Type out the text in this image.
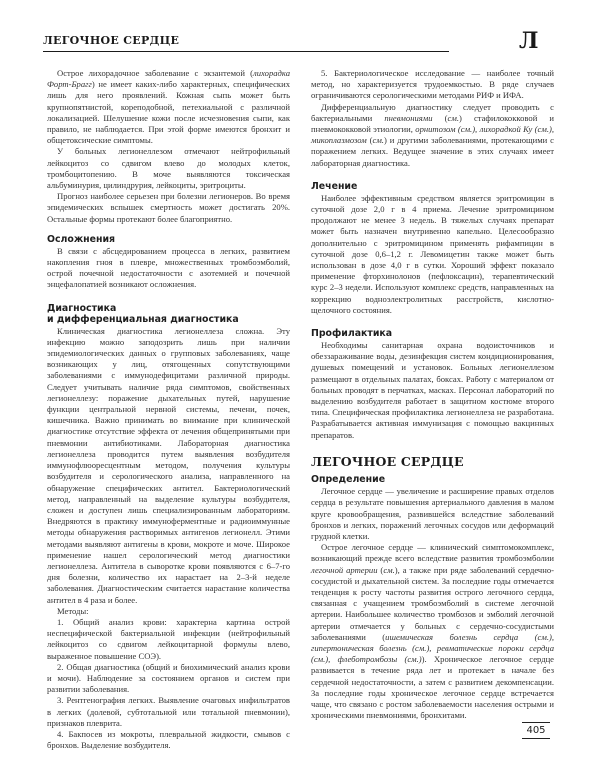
ЛЕГОЧНОЕ СЕРДЦЕ	Л

Острое лихорадочное заболевание с экзантемой (лихорадка Форт-Брагг) не имеет каких-либо характерных, специфических лишь для него проявлений. Кожная сыпь может быть крупнопятнистой, кореподобной, петехиальной с различной локализацией. Шелушение кожи после исчезновения сыпи, как правило, не наблюдается. При этой форме имеются бронхит и общетоксические симптомы.

У больных легионеллезом отмечают нейтрофильный лейкоцитоз со сдвигом влево до молодых клеток, тромбоцитопению. В моче выявляются токсическая альбуминурия, цилиндрурия, лейкоциты, эритроциты.

Прогноз наиболее серьезен при болезни легионеров. Во время эпидемических вспышек смертность может достигать 20%. Остальные формы протекают более благоприятно.

Осложнения

В связи с абсцедированием процесса в легких, развитием накопления гноя в плевре, множественных тромбоэмболий, острой почечной недостаточности с азотемией и почечной энцефалопатией возникают осложнения.

Диагностика
и дифференциальная диагностика

Клиническая диагностика легионеллеза сложна. Эту инфекцию можно заподозрить лишь при наличии эпидемиологических данных о групповых заболеваниях, чаще возникающих у лиц, отягощенных сопутствующими заболеваниями с иммунодефицитами различной природы. Следует учитывать наличие ряда симптомов, свойственных легионеллезу: поражение дыхательных путей, нарушение функции центральной нервной системы, печени, почек, кишечника. Важно принимать во внимание при клинической диагностике отсутствие эффекта от лечения общепринятыми при пневмонии антибиотиками. Лабораторная диагностика легионеллеза проводится путем выявления возбудителя иммунофлюоресцентным методом, получения культуры возбудителя и серологического анализа, направленного на обнаружение специфических антител. Бактериологический метод, направленный на выделение культуры возбудителя, сложен и доступен лишь специализированным лабораториям. Внедряются в практику иммуноферментные и радиоиммунные методы обнаружения растворимых антигенов легионелл. Этими методами выявляют антигены в крови, мокроте и моче. Широкое применение нашел серологический метод диагностики легионеллеза. Антитела в сыворотке крови появляются с 6–7-го дня болезни, количество их нарастает на 2–3-й неделе заболевания. Диагностическим считается нарастание количества антител в 4 раза и более.

Методы:

1. Общий анализ крови: характерна картина острой неспецифической бактериальной инфекции (нейтрофильный лейкоцитоз со сдвигом лейкоцитарной формулы влево, выраженное повышение СОЭ).

2. Общая диагностика (общий и биохимический анализ крови и мочи). Наблюдение за состоянием органов и систем при развитии заболевания.

3. Рентгенография легких. Выявление очаговых инфильтратов в легких (долевой, субтотальной или тотальной пневмонии), признаков плеврита.

4. Бакпосев из мокроты, плевральной жидкости, смывов с бронхов. Выделение возбудителя.

5. Бактериологическое исследование — наиболее точный метод, но характеризуется трудоемкостью. В ряде случаев ограничиваются серологическими методами РИФ и ИФА.

Дифференциальную диагностику следует проводить с бактериальными пневмониями (см.) стафилококковой и пневмококковой этиологии, орнитозом (см.), лихорадкой Ку (см.), микоплазмозом (см.) и другими заболеваниями, протекающими с поражением легких. Ведущее значение в этих случаях имеет лабораторная диагностика.

Лечение

Наиболее эффективным средством является эритромицин в суточной дозе 2,0 г в 4 приема. Лечение эритромицином продолжают не менее 3 недель. В тяжелых случаях препарат может быть назначен внутривенно капельно. Целесообразно дополнительно с эритромицином применять рифампицин в суточной дозе 0,6–1,2 г. Левомицетин также может быть использован в дозе 4,0 г в сутки. Хороший эффект показало применение фторхинолонов (пефлоксацин), терапевтический курс 2–3 недели. Используют комплекс средств, направленных на коррекцию водноэлектролитных расстройств, кислотно-щелочного состояния.

Профилактика

Необходимы санитарная охрана водоисточников и обеззараживание воды, дезинфекция систем кондиционирования, душевых помещений и установок. Больных легионеллезом размещают в отдельных палатах, боксах. Работу с материалом от больных проводят в перчатках, масках. Персонал лабораторий по выделению возбудителя работает в защитном костюме второго типа. Специфическая профилактика легионеллеза не разработана. Разрабатывается активная иммунизация с помощью вакцинных препаратов.

ЛЕГОЧНОЕ СЕРДЦЕ
Определение

Легочное сердце — увеличение и расширение правых отделов сердца в результате повышения артериального давления в малом круге кровообращения, развившейся вследствие заболеваний бронхов и легких, поражений легочных сосудов или деформаций грудной клетки.

Острое легочное сердце — клинический симптомокомплекс, возникающий прежде всего вследствие развития тромбоэмболии легочной артерии (см.), а также при ряде заболеваний сердечно-сосудистой и дыхательной систем. За последние годы отмечается тенденция к росту частоты развития острого легочного сердца, связанная с учащением тромбоэмболий в системе легочной артерии. Наибольшее количество тромбозов и эмболий легочной артерии отмечается у больных с сердечно-сосудистыми заболеваниями (ишемическая болезнь сердца (см.), гипертоническая болезнь (см.), ревматические пороки сердца (см.), флеботромбозы (см.)). Хроническое легочное сердце развивается в течение ряда лет и протекает в начале без сердечной недостаточности, а затем с развитием декомпенсации. За последние годы хроническое легочное сердце встречается чаще, что связано с ростом заболеваемости населения острыми и хроническими пневмониями, бронхитами.

405
